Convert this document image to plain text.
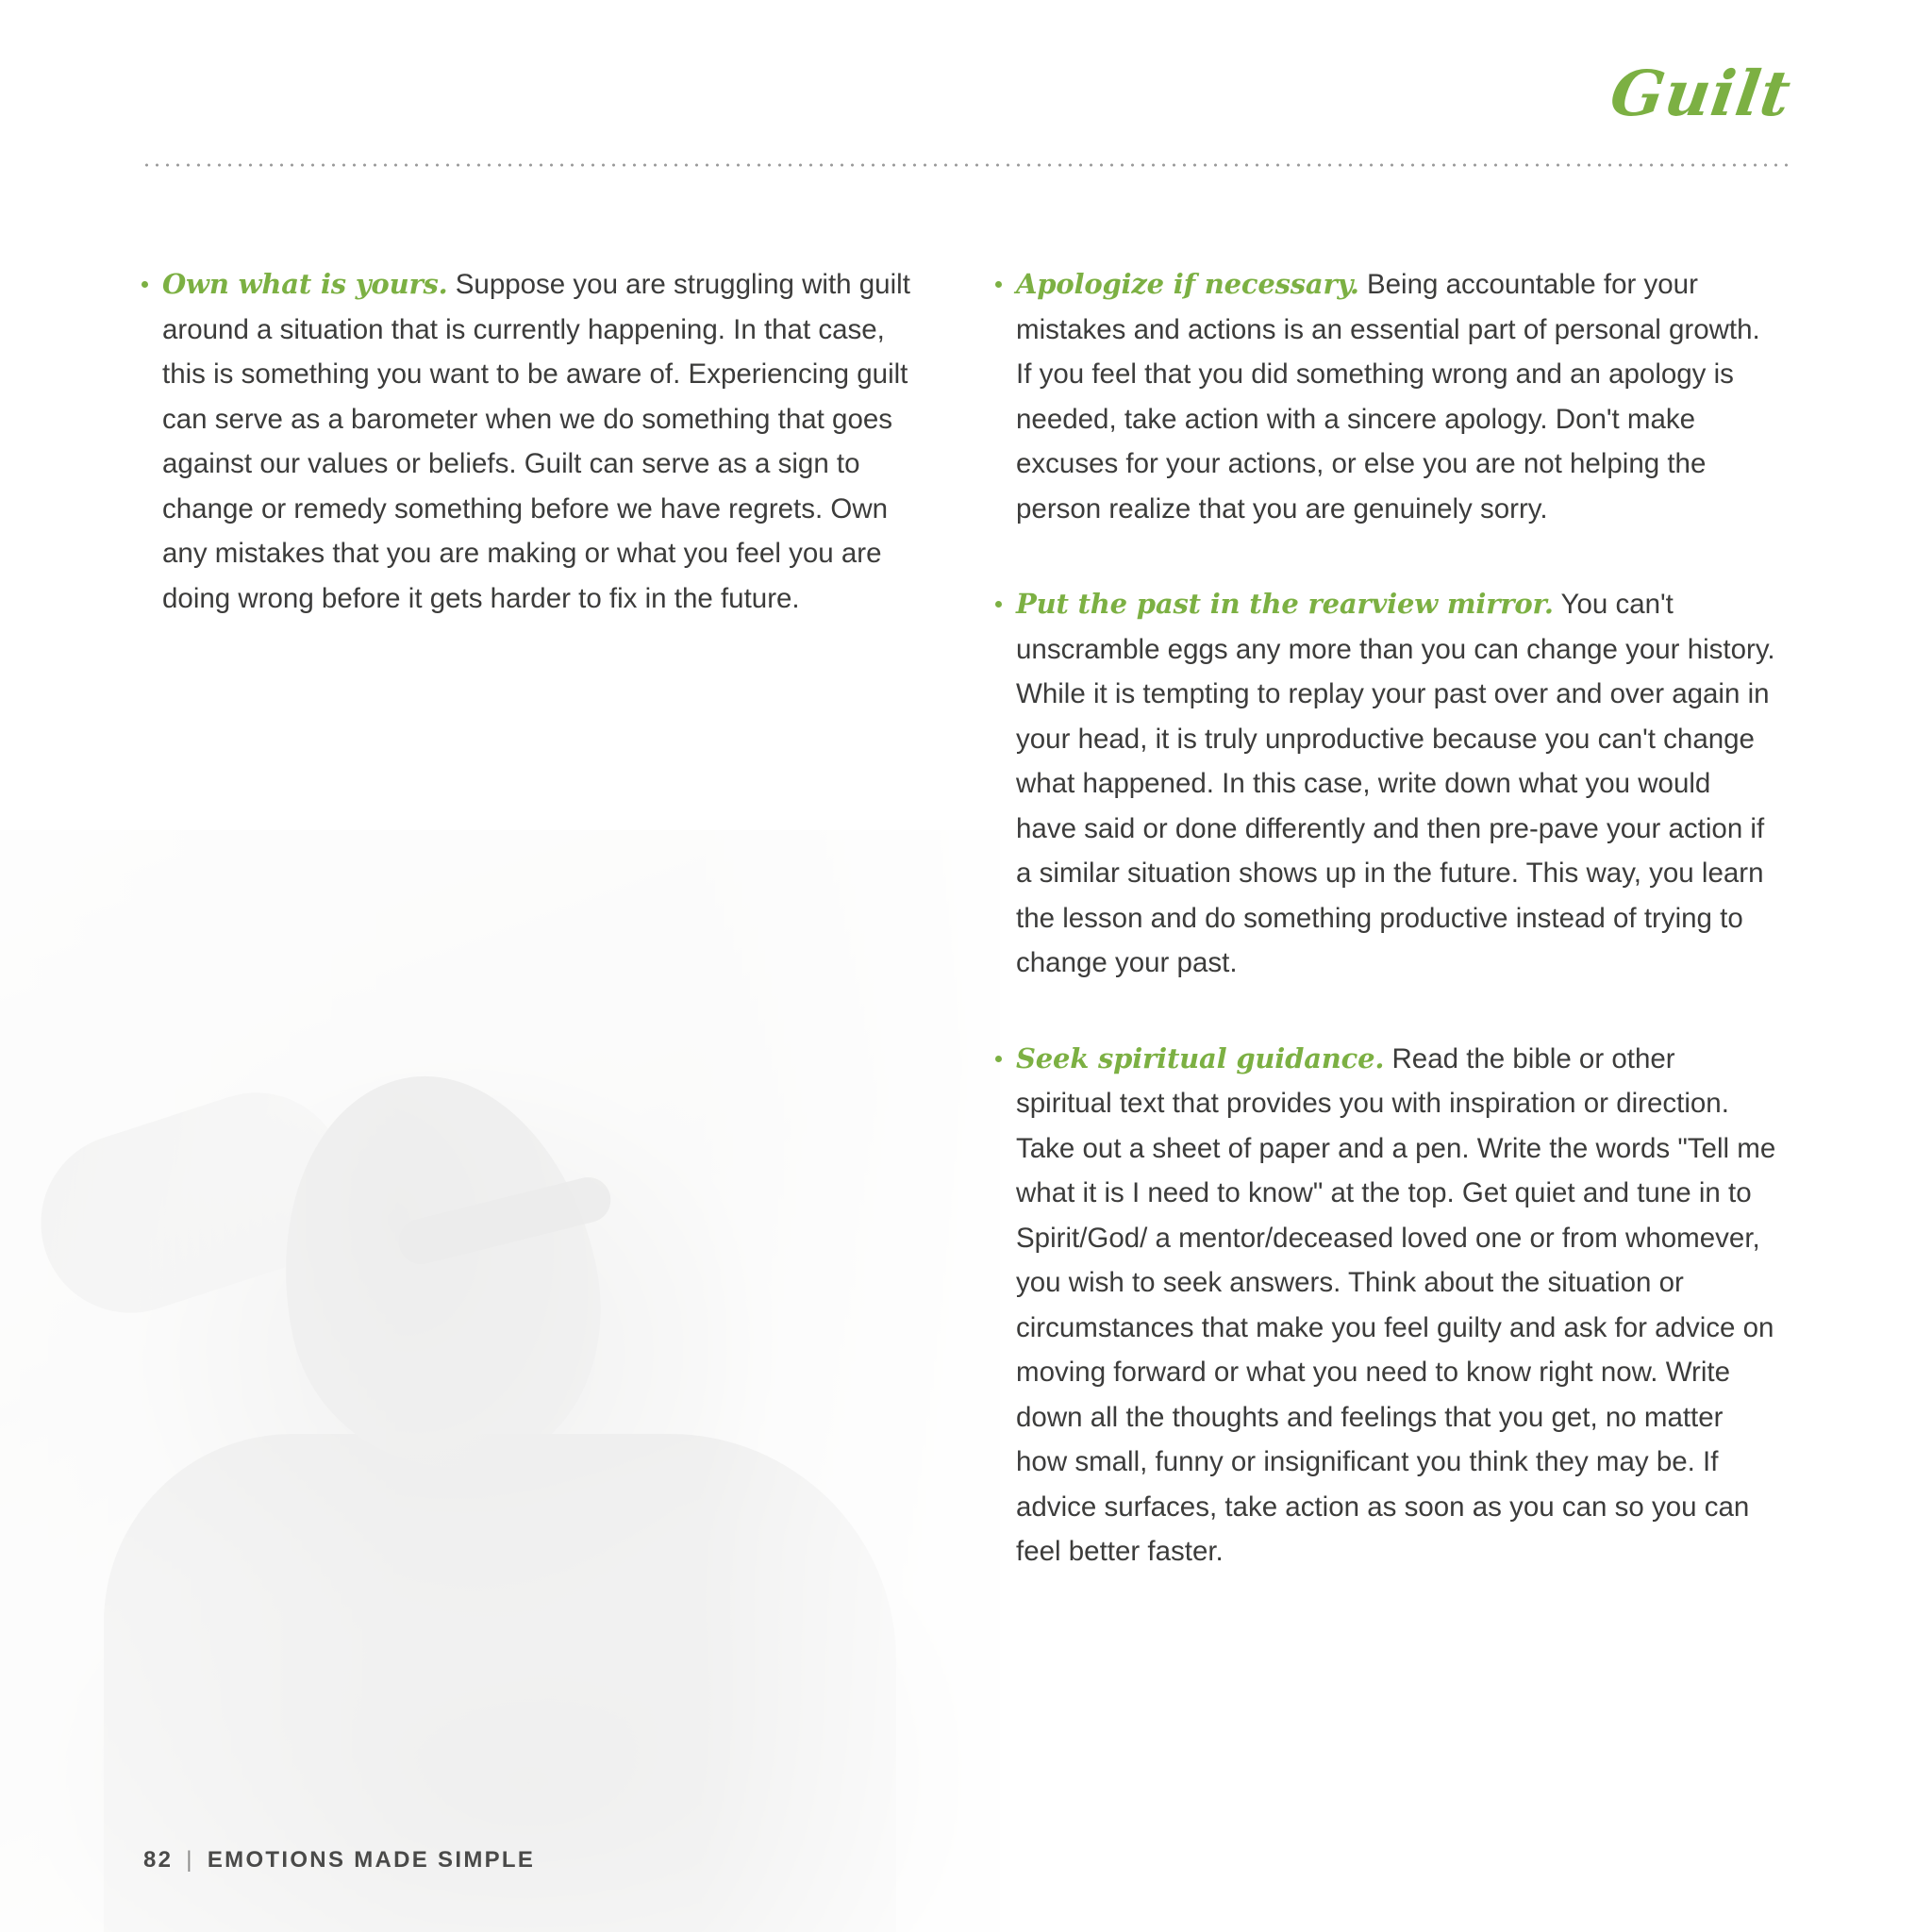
Guilt
Own what is yours. Suppose you are struggling with guilt around a situation that is currently happening. In that case, this is something you want to be aware of. Experiencing guilt can serve as a barometer when we do something that goes against our values or beliefs. Guilt can serve as a sign to change or remedy something before we have regrets. Own any mistakes that you are making or what you feel you are doing wrong before it gets harder to fix in the future.
Apologize if necessary. Being accountable for your mistakes and actions is an essential part of personal growth. If you feel that you did something wrong and an apology is needed, take action with a sincere apology. Don't make excuses for your actions, or else you are not helping the person realize that you are genuinely sorry.
Put the past in the rearview mirror. You can't unscramble eggs any more than you can change your history. While it is tempting to replay your past over and over again in your head, it is truly unproductive because you can't change what happened. In this case, write down what you would have said or done differently and then pre-pave your action if a similar situation shows up in the future. This way, you learn the lesson and do something productive instead of trying to change your past.
Seek spiritual guidance. Read the bible or other spiritual text that provides you with inspiration or direction. Take out a sheet of paper and a pen. Write the words "Tell me what it is I need to know" at the top. Get quiet and tune in to Spirit/God/ a mentor/deceased loved one or from whomever, you wish to seek answers. Think about the situation or circumstances that make you feel guilty and ask for advice on moving forward or what you need to know right now. Write down all the thoughts and feelings that you get, no matter how small, funny or insignificant you think they may be. If advice surfaces, take action as soon as you can so you can feel better faster.
82 | EMOTIONS MADE SIMPLE
